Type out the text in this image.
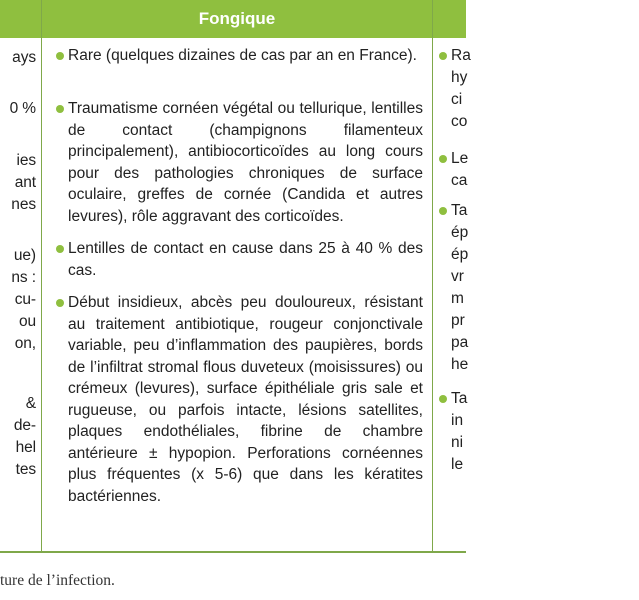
Fongique
ays
0 %
ies
ant
nes
ue)
ns :
cu-
ou
on,
&
de-
hel
tes
Rare (quelques dizaines de cas par an en France).
Traumatisme cornéen végétal ou tellurique, lentilles de contact (champignons filamenteux principalement), antibiocorticoïdes au long cours pour des pathologies chroniques de surface oculaire, greffes de cornée (Candida et autres levures), rôle aggravant des corticoïdes.
Lentilles de contact en cause dans 25 à 40 % des cas.
Début insidieux, abcès peu douloureux, résistant au traitement antibiotique, rougeur conjonctivale variable, peu d’inflammation des paupières, bords de l’infiltrat stromal flous duveteux (moisissures) ou crémeux (levures), surface épithéliale gris sale et rugueuse, ou parfois intacte, lésions satellites, plaques endothéliales, fibrine de chambre antérieure ± hypopion. Perforations cornéennes plus fréquentes (x 5-6) que dans les kératites bactériennes.
Ra
hy
ci
co
Le
ca
Ta
ép
ép
vr
m
pr
pa
he
Ta
in
ni
le
ture de l’infection.
